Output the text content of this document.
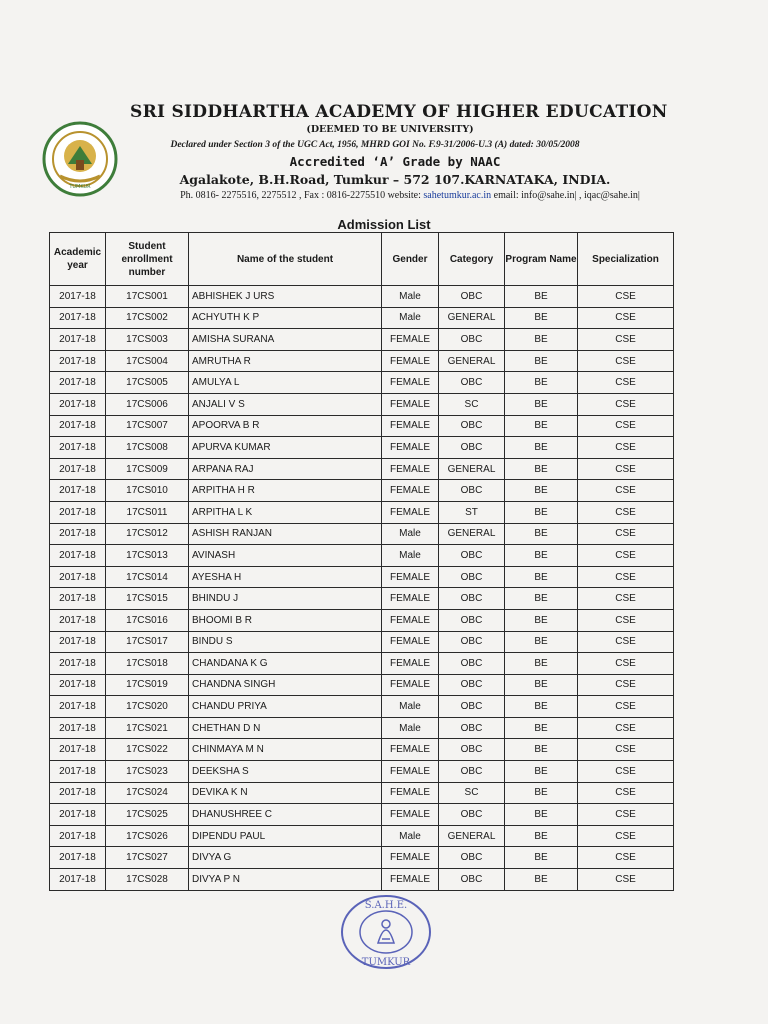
TUMKUR
SRI SIDDHARTHA ACADEMY OF HIGHER EDUCATION
(DEEMED TO BE UNIVERSITY)
Declared under Section 3 of the UGC Act, 1956, MHRD GOI No. F.9-31/2006-U.3 (A) dated: 30/05/2008
Accredited ‘A’ Grade by NAAC
Agalakote, B.H.Road, Tumkur – 572 107.KARNATAKA, INDIA.
Ph. 0816- 2275516, 2275512 , Fax : 0816-2275510 website: sahetumkur.ac.in email: info@sahe.in| , iqac@sahe.in|
Admission List
Academic year	Student enrollment number	Name of the student	Gender	Category	Program Name	Specialization
2017-18	17CS001	ABHISHEK J URS	Male	OBC	BE	CSE
2017-18	17CS002	ACHYUTH K P	Male	GENERAL	BE	CSE
2017-18	17CS003	AMISHA SURANA	FEMALE	OBC	BE	CSE
2017-18	17CS004	AMRUTHA R	FEMALE	GENERAL	BE	CSE
2017-18	17CS005	AMULYA L	FEMALE	OBC	BE	CSE
2017-18	17CS006	ANJALI V S	FEMALE	SC	BE	CSE
2017-18	17CS007	APOORVA B R	FEMALE	OBC	BE	CSE
2017-18	17CS008	APURVA KUMAR	FEMALE	OBC	BE	CSE
2017-18	17CS009	ARPANA RAJ	FEMALE	GENERAL	BE	CSE
2017-18	17CS010	ARPITHA H R	FEMALE	OBC	BE	CSE
2017-18	17CS011	ARPITHA L K	FEMALE	ST	BE	CSE
2017-18	17CS012	ASHISH RANJAN	Male	GENERAL	BE	CSE
2017-18	17CS013	AVINASH	Male	OBC	BE	CSE
2017-18	17CS014	AYESHA H	FEMALE	OBC	BE	CSE
2017-18	17CS015	BHINDU J	FEMALE	OBC	BE	CSE
2017-18	17CS016	BHOOMI B R	FEMALE	OBC	BE	CSE
2017-18	17CS017	BINDU S	FEMALE	OBC	BE	CSE
2017-18	17CS018	CHANDANA K G	FEMALE	OBC	BE	CSE
2017-18	17CS019	CHANDNA SINGH	FEMALE	OBC	BE	CSE
2017-18	17CS020	CHANDU PRIYA	Male	OBC	BE	CSE
2017-18	17CS021	CHETHAN D N	Male	OBC	BE	CSE
2017-18	17CS022	CHINMAYA M N	FEMALE	OBC	BE	CSE
2017-18	17CS023	DEEKSHA S	FEMALE	OBC	BE	CSE
2017-18	17CS024	DEVIKA K N	FEMALE	SC	BE	CSE
2017-18	17CS025	DHANUSHREE C	FEMALE	OBC	BE	CSE
2017-18	17CS026	DIPENDU PAUL	Male	GENERAL	BE	CSE
2017-18	17CS027	DIVYA G	FEMALE	OBC	BE	CSE
2017-18	17CS028	DIVYA P N	FEMALE	OBC	BE	CSE
S.A.H.E.
TUMKUR
